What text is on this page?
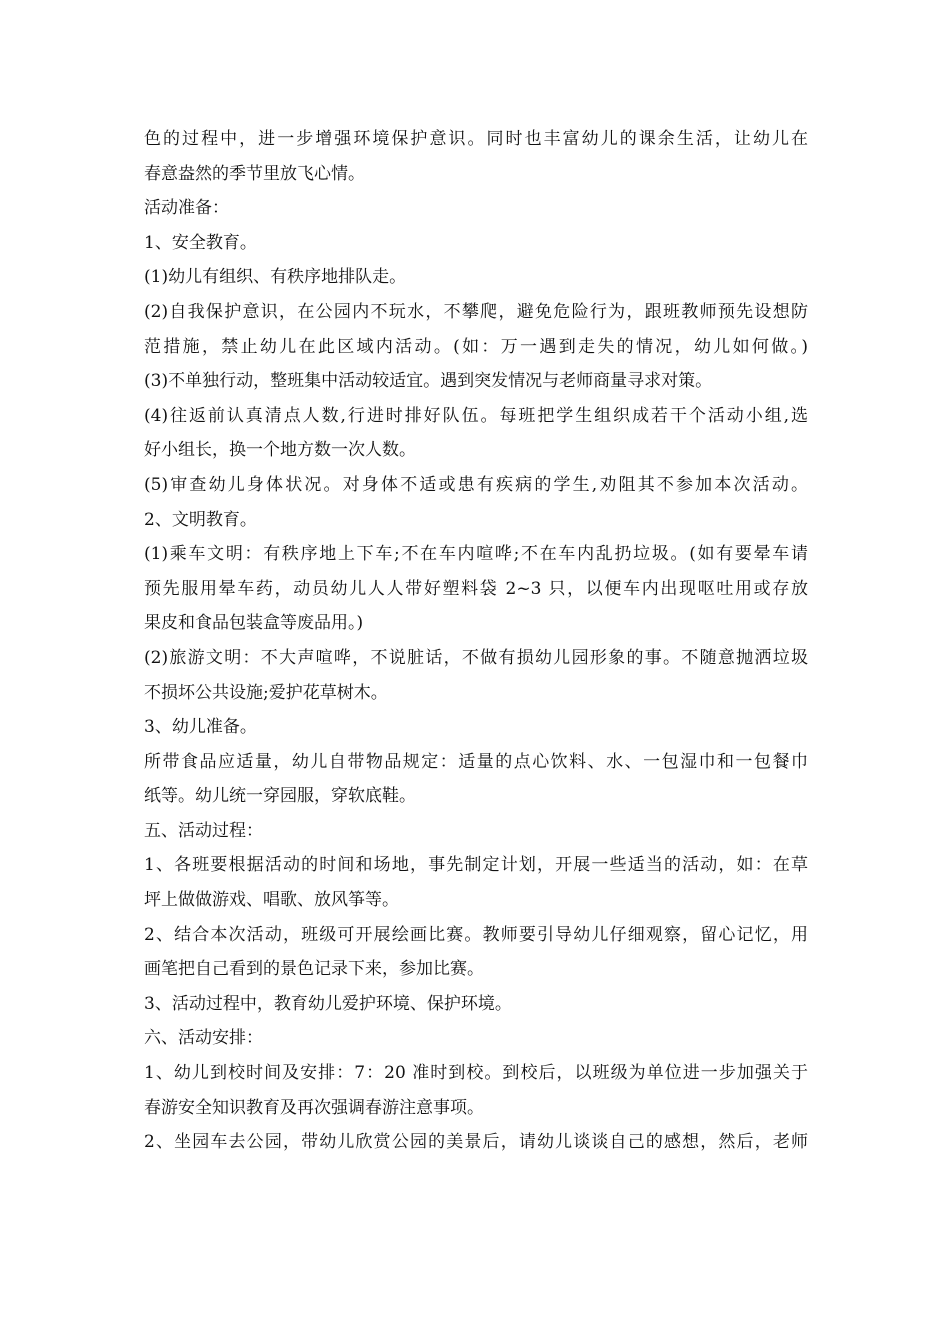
色的过程中，进一步增强环境保护意识。同时也丰富幼儿的课余生活，让幼儿在
春意盎然的季节里放飞心情。
活动准备：
1、安全教育。
(1)幼儿有组织、有秩序地排队走。
(2)自我保护意识，在公园内不玩水，不攀爬，避免危险行为，跟班教师预先设想防
范措施，禁止幼儿在此区域内活动。(如：万一遇到走失的情况，幼儿如何做。)
(3)不单独行动，整班集中活动较适宜。遇到突发情况与老师商量寻求对策。
(4)往返前认真清点人数,行进时排好队伍。每班把学生组织成若干个活动小组,选
好小组长，换一个地方数一次人数。
(5)审查幼儿身体状况。对身体不适或患有疾病的学生,劝阻其不参加本次活动。
2、文明教育。
(1)乘车文明：有秩序地上下车;不在车内喧哗;不在车内乱扔垃圾。(如有要晕车请
预先服用晕车药，动员幼儿人人带好塑料袋 2~3 只，以便车内出现呕吐用或存放
果皮和食品包装盒等废品用。)
(2)旅游文明：不大声喧哗，不说脏话，不做有损幼儿园形象的事。不随意抛洒垃圾
不损坏公共设施;爱护花草树木。
3、幼儿准备。
所带食品应适量，幼儿自带物品规定：适量的点心饮料、水、一包湿巾和一包餐巾
纸等。幼儿统一穿园服，穿软底鞋。
五、活动过程：
1、各班要根据活动的时间和场地，事先制定计划，开展一些适当的活动，如：在草
坪上做做游戏、唱歌、放风筝等。
2、结合本次活动，班级可开展绘画比赛。教师要引导幼儿仔细观察，留心记忆，用
画笔把自己看到的景色记录下来，参加比赛。
3、活动过程中，教育幼儿爱护环境、保护环境。
六、活动安排：
1、幼儿到校时间及安排：7：20 准时到校。到校后，以班级为单位进一步加强关于
春游安全知识教育及再次强调春游注意事项。
2、坐园车去公园，带幼儿欣赏公园的美景后，请幼儿谈谈自己的感想，然后，老师
